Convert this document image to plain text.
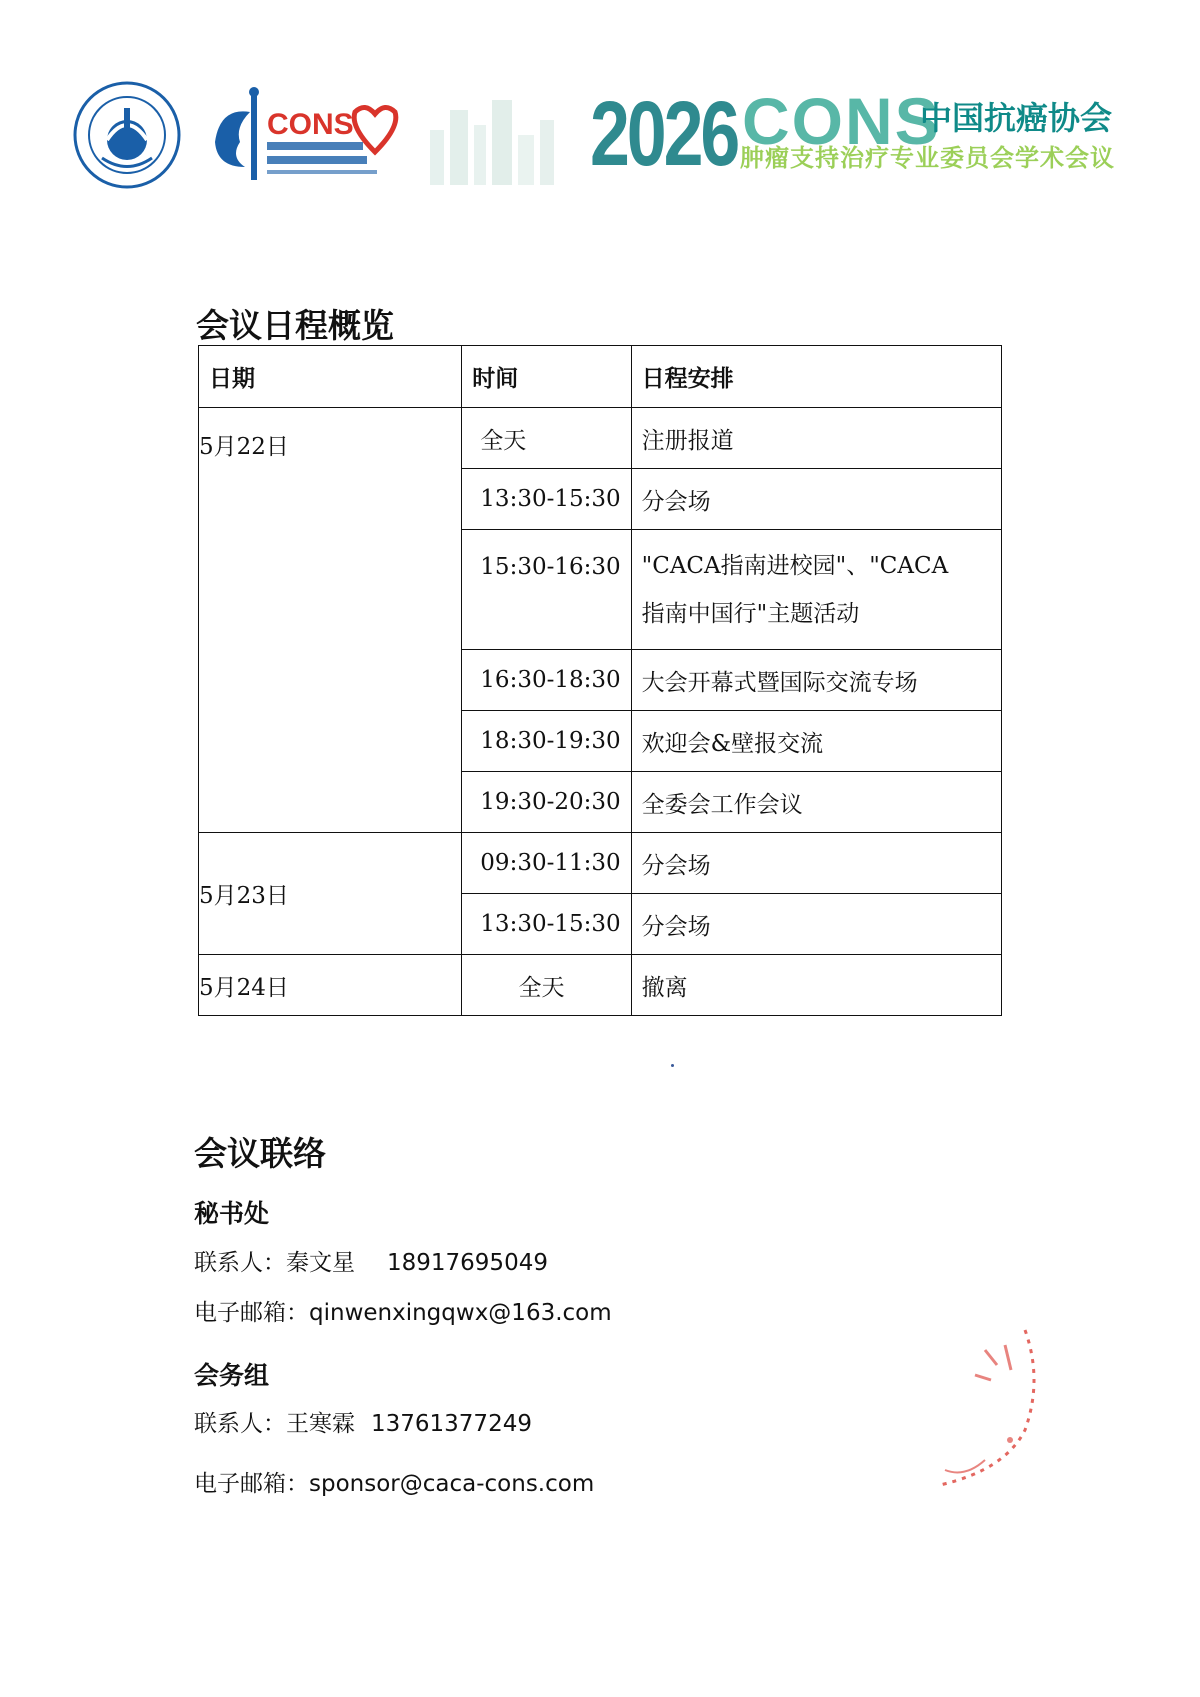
CONS	2026 CONS
中国抗癌协会
肿瘤支持治疗专业委员会学术会议
会议日程概览
日期	时间	日程安排
5月22日	全天	注册报道
	13:30-15:30	分会场
	15:30-16:30	"CACA指南进校园"、"CACA
指南中国行"主题活动

	16:30-18:30	大会开幕式暨国际交流专场
	18:30-19:30	欢迎会&壁报交流
	19:30-20:30	全委会工作会议
5月23日	09:30-11:30	分会场
	13:30-15:30	分会场
5月24日	全天	撤离
会议联络
秘书处
联系人：秦文星 18917695049
电子邮箱：qinwenxingqwx@163.com
会务组
联系人：王寒霖 13761377249
电子邮箱：sponsor@caca-cons.com
